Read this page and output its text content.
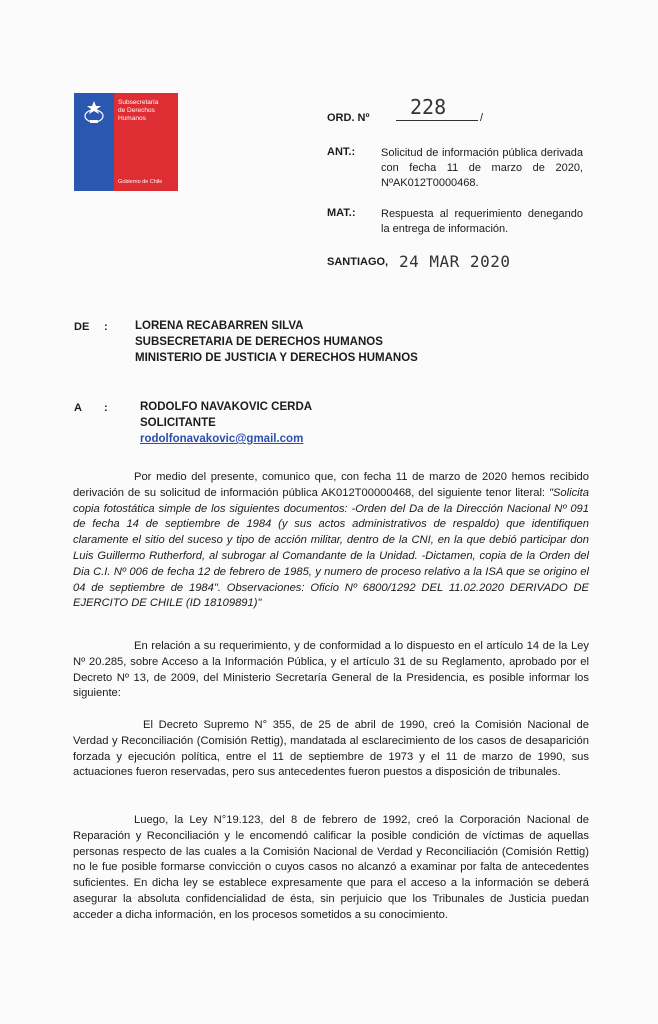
Subsecretaría
de Derechos
Humanos
Gobierno de Chile
ORD. Nº 228	/
ANT.: Solicitud de información pública derivada con fecha 11 de marzo de 2020, NºAK012T0000468.
MAT.: Respuesta al requerimiento denegando la entrega de información.
SANTIAGO, 24 MAR 2020
DE : LORENA RECABARREN SILVA
SUBSECRETARIA DE DERECHOS HUMANOS
MINISTERIO DE JUSTICIA Y DERECHOS HUMANOS
A :	RODOLFO NAVAKOVIC CERDA
SOLICITANTE
rodolfonavakovic@gmail.com
Por medio del presente, comunico que, con fecha 11 de marzo de 2020 hemos recibido derivación de su solicitud de información pública AK012T00000468, del siguiente tenor literal: "Solicita copia fotostática simple de los siguientes documentos: -Orden del Da de la Dirección Nacional Nº 091 de fecha 14 de septiembre de 1984 (y sus actos administrativos de respaldo) que identifiquen claramente el sitio del suceso y tipo de acción militar, dentro de la CNI, en la que debió participar don Luis Guillermo Rutherford, al subrogar al Comandante de la Unidad. -Dictamen, copia de la Orden del Dia C.I. Nº 006 de fecha 12 de febrero de 1985, y numero de proceso relativo a la ISA que se origino el 04 de septiembre de 1984". Observaciones: Oficio Nº 6800/1292 DEL 11.02.2020 DERIVADO DE EJERCITO DE CHILE (ID 18109891)"
En relación a su requerimiento, y de conformidad a lo dispuesto en el artículo 14 de la Ley Nº 20.285, sobre Acceso a la Información Pública, y el artículo 31 de su Reglamento, aprobado por el Decreto Nº 13, de 2009, del Ministerio Secretaría General de la Presidencia, es posible informar los siguiente:
El Decreto Supremo N° 355, de 25 de abril de 1990, creó la Comisión Nacional de Verdad y Reconciliación (Comisión Rettig), mandatada al esclarecimiento de los casos de desaparición forzada y ejecución política, entre el 11 de septiembre de 1973 y el 11 de marzo de 1990, sus actuaciones fueron reservadas, pero sus antecedentes fueron puestos a disposición de tribunales.
Luego, la Ley N°19.123, del 8 de febrero de 1992, creó la Corporación Nacional de Reparación y Reconciliación y le encomendó calificar la posible condición de víctimas de aquellas personas respecto de las cuales a la Comisión Nacional de Verdad y Reconciliación (Comisión Rettig) no le fue posible formarse convicción o cuyos casos no alcanzó a examinar por falta de antecedentes suficientes. En dicha ley se establece expresamente que para el acceso a la información se deberá asegurar la absoluta confidencialidad de ésta, sin perjuicio que los Tribunales de Justicia puedan acceder a dicha información, en los procesos sometidos a su conocimiento.
